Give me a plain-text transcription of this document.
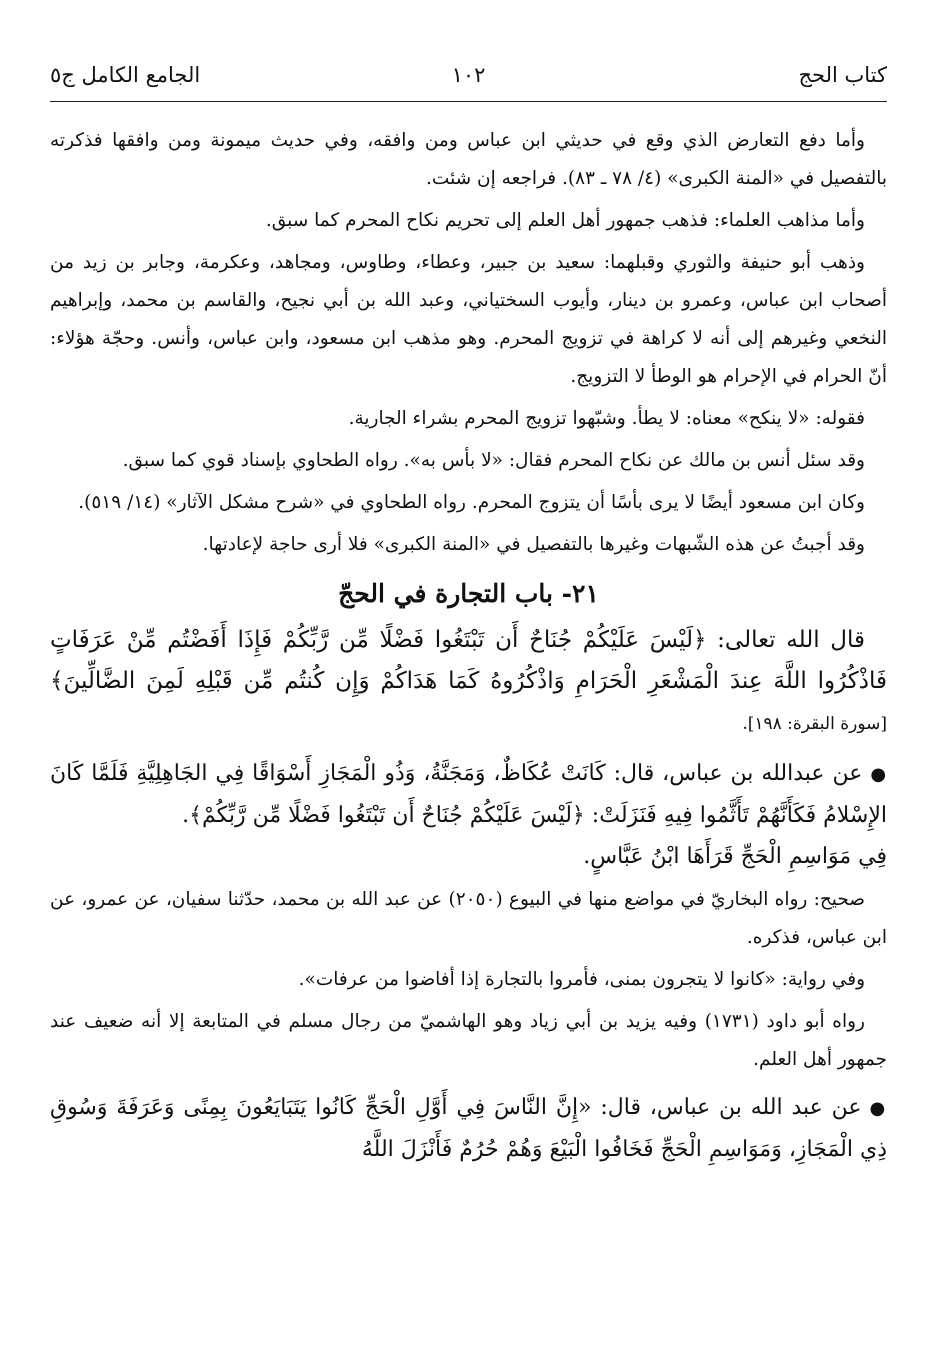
كتاب الحج
١٠٢
الجامع الكامل ج٥

وأما دفع التعارض الذي وقع في حديثي ابن عباس ومن وافقه، وفي حديث ميمونة ومن وافقها فذكرته بالتفصيل في «المنة الكبرى» (٤/ ٧٨ ـ ٨٣). فراجعه إن شئت.

وأما مذاهب العلماء: فذهب جمهور أهل العلم إلى تحريم نكاح المحرم كما سبق.

وذهب أبو حنيفة والثوري وقبلهما: سعيد بن جبير، وعطاء، وطاوس، ومجاهد، وعكرمة، وجابر بن زيد من أصحاب ابن عباس، وعمرو بن دينار، وأيوب السختياني، وعبد الله بن أبي نجيح، والقاسم بن محمد، وإبراهيم النخعي وغيرهم إلى أنه لا كراهة في تزويج المحرم. وهو مذهب ابن مسعود، وابن عباس، وأنس. وحجّة هؤلاء: أنّ الحرام في الإحرام هو الوطأ لا التزويج.

فقوله: «لا ينكح» معناه: لا يطأ. وشبّهوا تزويج المحرم بشراء الجارية.

وقد سئل أنس بن مالك عن نكاح المحرم فقال: «لا بأس به». رواه الطحاوي بإسناد قوي كما سبق.

وكان ابن مسعود أيضًا لا يرى بأسًا أن يتزوج المحرم. رواه الطحاوي في «شرح مشكل الآثار» (١٤/ ٥١٩).

وقد أجبتُ عن هذه الشّبهات وغيرها بالتفصيل في «المنة الكبرى» فلا أرى حاجة لإعادتها.

٢١- باب التجارة في الحجّ

قال الله تعالى: ﴿لَيْسَ عَلَيْكُمْ جُنَاحٌ أَن تَبْتَغُوا فَضْلًا مِّن رَّبِّكُمْ فَإِذَا أَفَضْتُم مِّنْ عَرَفَاتٍ فَاذْكُرُوا اللَّهَ عِندَ الْمَشْعَرِ الْحَرَامِ وَاذْكُرُوهُ كَمَا هَدَاكُمْ وَإِن كُنتُم مِّن قَبْلِهِ لَمِنَ الضَّالِّينَ﴾ [سورة البقرة: ١٩٨].

●عن عبدالله بن عباس، قال: كَانَتْ عُكَاظٌ، وَمَجَنَّةُ، وَذُو الْمَجَازِ أَسْوَاقًا فِي الجَاهِلِيَّةِ فَلَمَّا كَانَ الإِسْلامُ فَكَأَنَّهُمْ تَأَثَّمُوا فِيهِ فَنَزَلَتْ: ﴿لَيْسَ عَلَيْكُمْ جُنَاحٌ أَن تَبْتَغُوا فَضْلًا مِّن رَّبِّكُمْ﴾.

فِي مَوَاسِمِ الْحَجِّ قَرَأَهَا ابْنُ عَبَّاسٍ.

صحيح: رواه البخاريّ في مواضع منها في البيوع (٢٠٥٠) عن عبد الله بن محمد، حدّثنا سفيان، عن عمرو، عن ابن عباس، فذكره.

وفي رواية: «كانوا لا يتجرون بمنى، فأمروا بالتجارة إذا أفاضوا من عرفات».

رواه أبو داود (١٧٣١) وفيه يزيد بن أبي زياد وهو الهاشميّ من رجال مسلم في المتابعة إلا أنه ضعيف عند جمهور أهل العلم.

●عن عبد الله بن عباس، قال: «إِنَّ النَّاسَ فِي أَوَّلِ الْحَجِّ كَانُوا يَتَبَايَعُونَ بِمِنًى وَعَرَفَةَ وَسُوقِ ذِي الْمَجَازِ، وَمَوَاسِمِ الْحَجِّ فَخَافُوا الْبَيْعَ وَهُمْ حُرُمٌ فَأَنْزَلَ اللَّهُ
